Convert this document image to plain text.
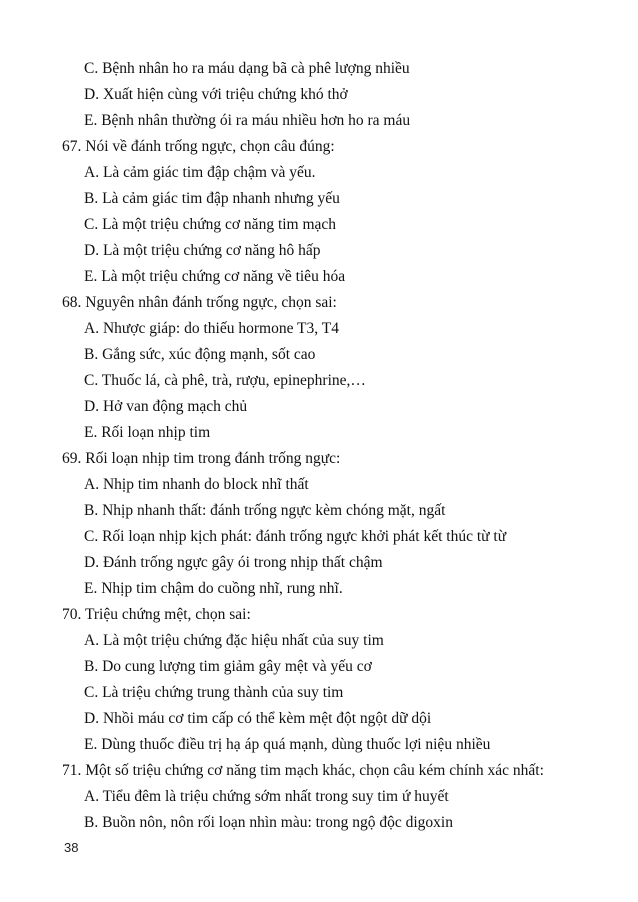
C. Bệnh nhân ho ra máu dạng bã cà phê lượng nhiều
D. Xuất hiện cùng với triệu chứng khó thở
E. Bệnh nhân thường ói ra máu nhiều hơn ho ra máu
67. Nói về đánh trống ngực, chọn câu đúng:
A. Là cảm giác tim đập chậm và yếu.
B. Là cảm giác tim đập nhanh nhưng yếu
C. Là một triệu chứng cơ năng tim mạch
D. Là một triệu chứng cơ năng hô hấp
E. Là một triệu chứng cơ năng về tiêu hóa
68. Nguyên nhân đánh trống ngực, chọn sai:
A. Nhược giáp: do thiếu hormone T3, T4
B. Gắng sức, xúc động mạnh, sốt cao
C. Thuốc lá, cà phê, trà, rượu, epinephrine,…
D. Hở van động mạch chủ
E. Rối loạn nhịp tim
69. Rối loạn nhịp tim trong đánh trống ngực:
A. Nhịp tim nhanh do block nhĩ thất
B. Nhịp nhanh thất: đánh trống ngực kèm chóng mặt, ngất
C. Rối loạn nhịp kịch phát: đánh trống ngực khởi phát kết thúc từ từ
D. Đánh trống ngực gây ói trong nhịp thất chậm
E. Nhịp tim chậm do cuồng nhĩ, rung nhĩ.
70. Triệu chứng mệt, chọn sai:
A. Là một triệu chứng đặc hiệu nhất của suy tim
B. Do cung lượng tim giảm gây mệt và yếu cơ
C. Là triệu chứng trung thành của suy tim
D. Nhồi máu cơ tim cấp có thể kèm mệt đột ngột dữ dội
E. Dùng thuốc điều trị hạ áp quá mạnh, dùng thuốc lợi niệu nhiều
71. Một số triệu chứng cơ năng tim mạch khác, chọn câu kém chính xác nhất:
A. Tiểu đêm là triệu chứng sớm nhất trong suy tim ứ huyết
B. Buồn nôn, nôn rối loạn nhìn màu: trong ngộ độc digoxin
38
